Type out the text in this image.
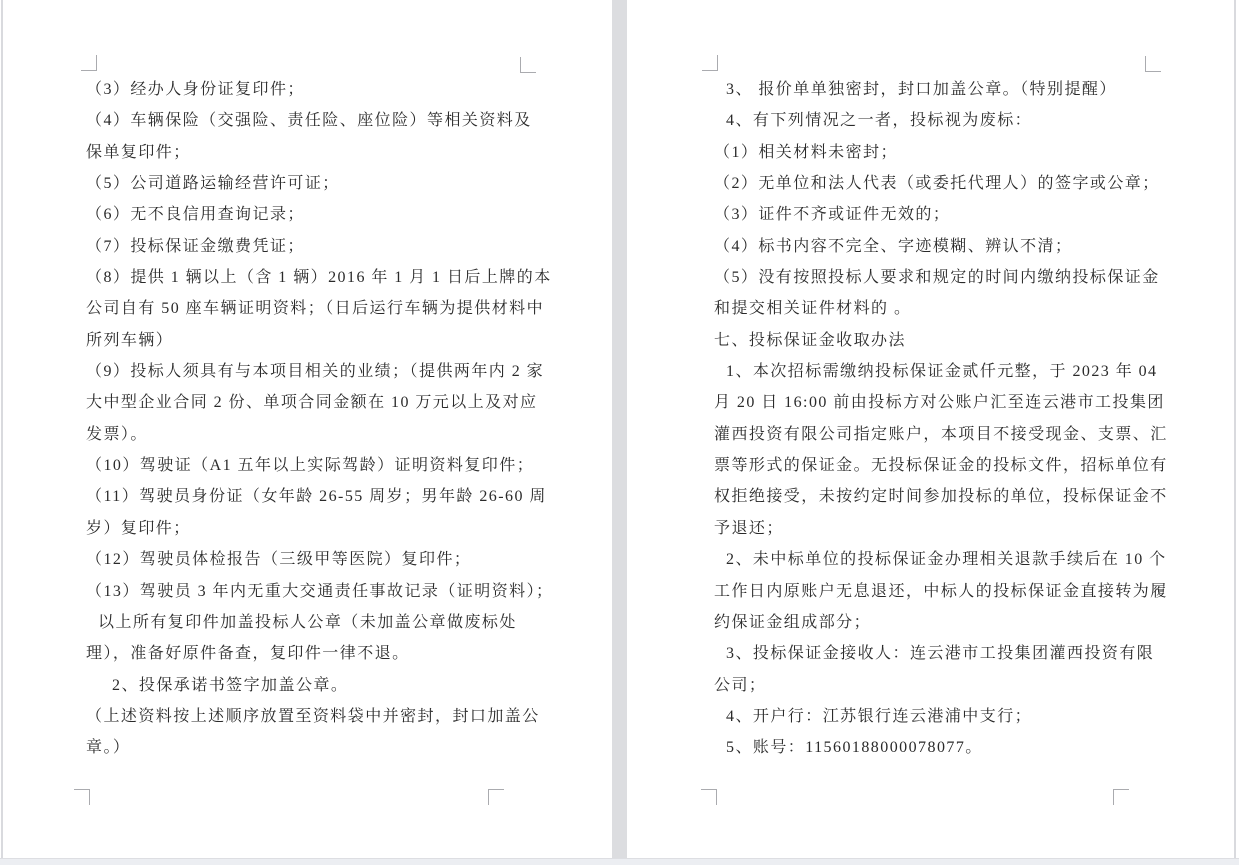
（3）经办人身份证复印件；
（4）车辆保险（交强险、责任险、座位险）等相关资料及
保单复印件；
（5）公司道路运输经营许可证；
（6）无不良信用查询记录；
（7）投标保证金缴费凭证；
（8）提供 1 辆以上（含 1 辆）2016 年 1 月 1 日后上牌的本
公司自有 50 座车辆证明资料；（日后运行车辆为提供材料中
所列车辆）
（9）投标人须具有与本项目相关的业绩；（提供两年内 2 家
大中型企业合同 2 份、单项合同金额在 10 万元以上及对应
发票）。
（10）驾驶证（A1 五年以上实际驾龄）证明资料复印件；
（11）驾驶员身份证（女年龄 26-55 周岁；男年龄 26-60 周
岁）复印件；
（12）驾驶员体检报告（三级甲等医院）复印件；
（13）驾驶员 3 年内无重大交通责任事故记录（证明资料）；
以上所有复印件加盖投标人公章（未加盖公章做废标处
理），准备好原件备查，复印件一律不退。
2、投保承诺书签字加盖公章。
（上述资料按上述顺序放置至资料袋中并密封，封口加盖公
章。）
3、 报价单单独密封，封口加盖公章。（特别提醒）
4、有下列情况之一者，投标视为废标：
（1）相关材料未密封；
（2）无单位和法人代表（或委托代理人）的签字或公章；
（3）证件不齐或证件无效的；
（4）标书内容不完全、字迹模糊、辨认不清；
（5）没有按照投标人要求和规定的时间内缴纳投标保证金
和提交相关证件材料的 。
七、投标保证金收取办法
1、本次招标需缴纳投标保证金贰仟元整，于 2023 年 04
月 20 日 16:00 前由投标方对公账户汇至连云港市工投集团
灌西投资有限公司指定账户，本项目不接受现金、支票、汇
票等形式的保证金。无投标保证金的投标文件，招标单位有
权拒绝接受，未按约定时间参加投标的单位，投标保证金不
予退还；
2、未中标单位的投标保证金办理相关退款手续后在 10 个
工作日内原账户无息退还，中标人的投标保证金直接转为履
约保证金组成部分；
3、投标保证金接收人：连云港市工投集团灌西投资有限
公司；
4、开户行：江苏银行连云港浦中支行；
5、账号：11560188000078077。
